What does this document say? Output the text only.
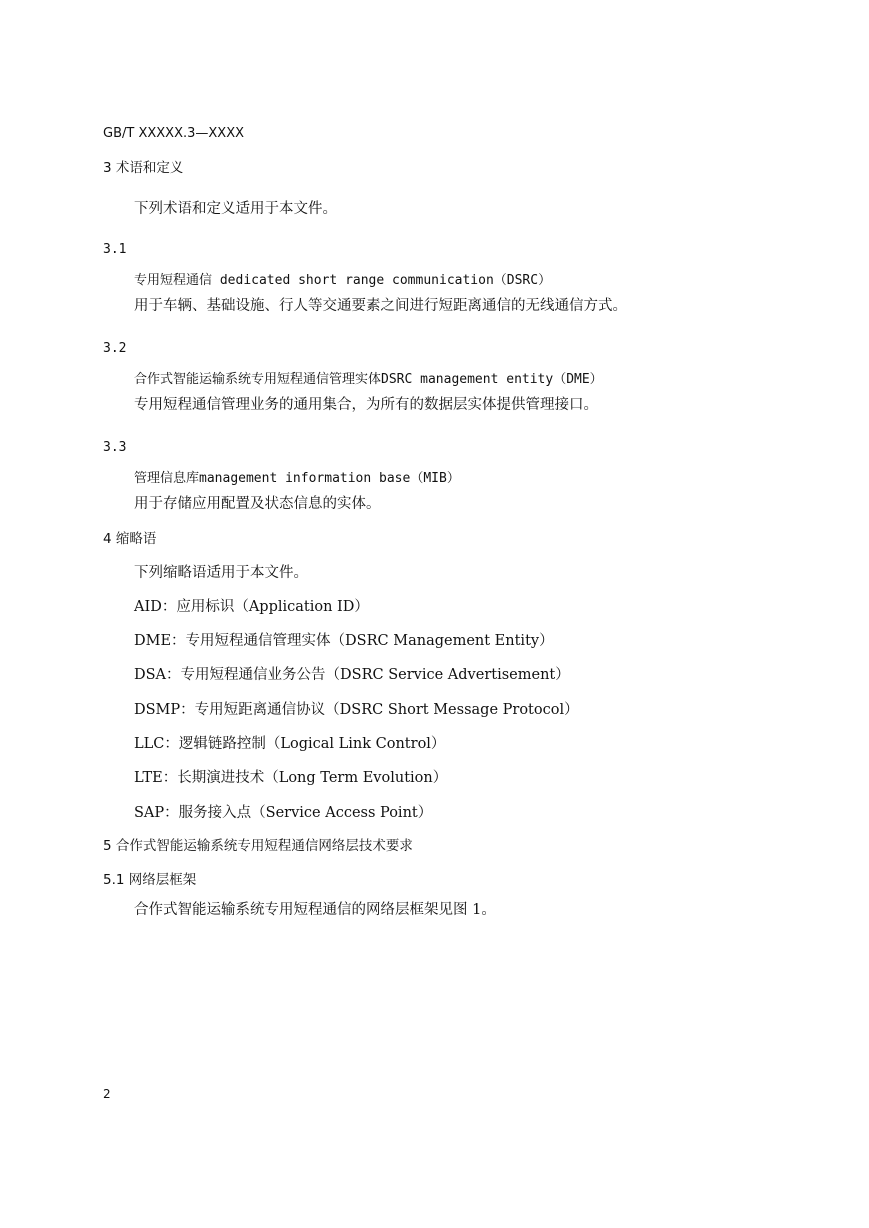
GB/T XXXXX.3—XXXX
3 术语和定义
下列术语和定义适用于本文件。
3.1
专用短程通信 dedicated short range communication（DSRC）
用于车辆、基础设施、行人等交通要素之间进行短距离通信的无线通信方式。
3.2
合作式智能运输系统专用短程通信管理实体DSRC management entity（DME）
专用短程通信管理业务的通用集合，为所有的数据层实体提供管理接口。
3.3
管理信息库management information base（MIB）
用于存储应用配置及状态信息的实体。
4 缩略语
下列缩略语适用于本文件。
AID：应用标识（Application ID）
DME：专用短程通信管理实体（DSRC Management Entity）
DSA：专用短程通信业务公告（DSRC Service Advertisement）
DSMP：专用短距离通信协议（DSRC Short Message Protocol）
LLC：逻辑链路控制（Logical Link Control）
LTE：长期演进技术（Long Term Evolution）
SAP：服务接入点（Service Access Point）
5 合作式智能运输系统专用短程通信网络层技术要求
5.1 网络层框架
合作式智能运输系统专用短程通信的网络层框架见图 1。
2
